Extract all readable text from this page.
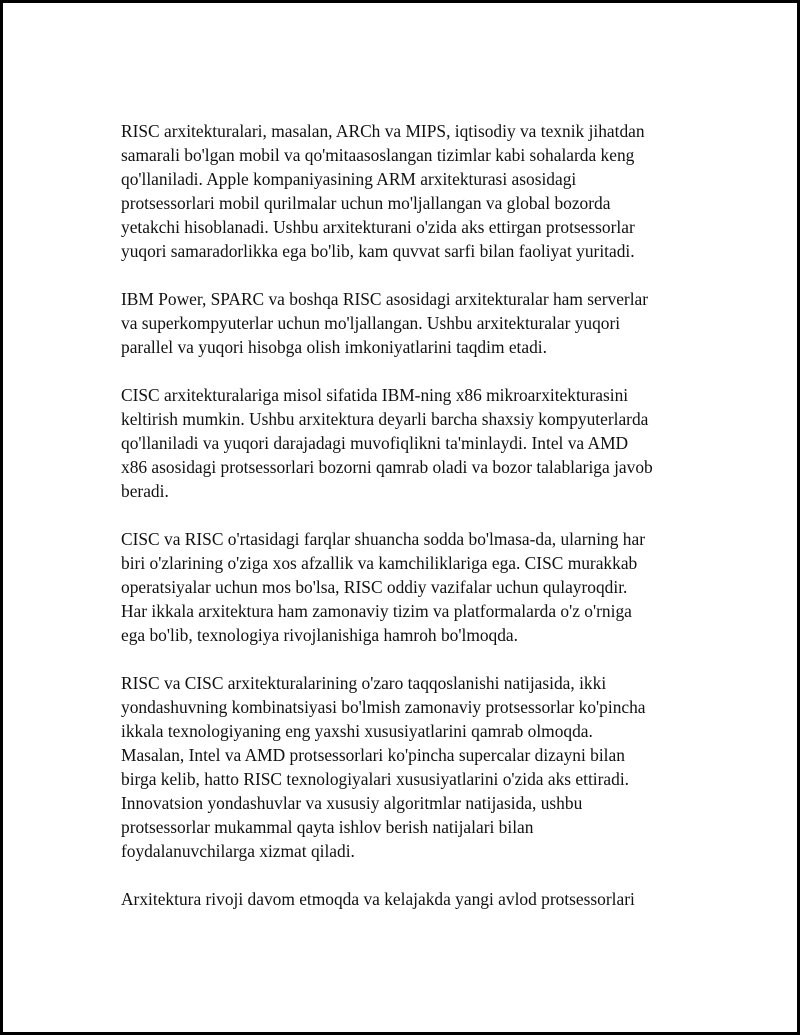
RISC arxitekturalari, masalan, ARCh va MIPS, iqtisodiy va texnik jihatdan
samarali bo'lgan mobil va qo'mitaasoslangan tizimlar kabi sohalarda keng
qo'llaniladi. Apple kompaniyasining ARM arxitekturasi asosidagi
protsessorlari mobil qurilmalar uchun mo'ljallangan va global bozorda
yetakchi hisoblanadi. Ushbu arxitekturani o'zida aks ettirgan protsessorlar
yuqori samaradorlikka ega bo'lib, kam quvvat sarfi bilan faoliyat yuritadi.
IBM Power, SPARC va boshqa RISC asosidagi arxitekturalar ham serverlar
va superkompyuterlar uchun mo'ljallangan. Ushbu arxitekturalar yuqori
parallel va yuqori hisobga olish imkoniyatlarini taqdim etadi.
CISC arxitekturalariga misol sifatida IBM-ning x86 mikroarxitekturasini
keltirish mumkin. Ushbu arxitektura deyarli barcha shaxsiy kompyuterlarda
qo'llaniladi va yuqori darajadagi muvofiqlikni ta'minlaydi. Intel va AMD
x86 asosidagi protsessorlari bozorni qamrab oladi va bozor talablariga javob
beradi.
CISC va RISC o'rtasidagi farqlar shuancha sodda bo'lmasa-da, ularning har
biri o'zlarining o'ziga xos afzallik va kamchiliklariga ega. CISC murakkab
operatsiyalar uchun mos bo'lsa, RISC oddiy vazifalar uchun qulayroqdir.
Har ikkala arxitektura ham zamonaviy tizim va platformalarda o'z o'rniga
ega bo'lib, texnologiya rivojlanishiga hamroh bo'lmoqda.
RISC va CISC arxitekturalarining o'zaro taqqoslanishi natijasida, ikki
yondashuvning kombinatsiyasi bo'lmish zamonaviy protsessorlar ko'pincha
ikkala texnologiyaning eng yaxshi xususiyatlarini qamrab olmoqda.
Masalan, Intel va AMD protsessorlari ko'pincha supercalar dizayni bilan
birga kelib, hatto RISC texnologiyalari xususiyatlarini o'zida aks ettiradi.
Innovatsion yondashuvlar va xususiy algoritmlar natijasida, ushbu
protsessorlar mukammal qayta ishlov berish natijalari bilan
foydalanuvchilarga xizmat qiladi.
Arxitektura rivoji davom etmoqda va kelajakda yangi avlod protsessorlari
